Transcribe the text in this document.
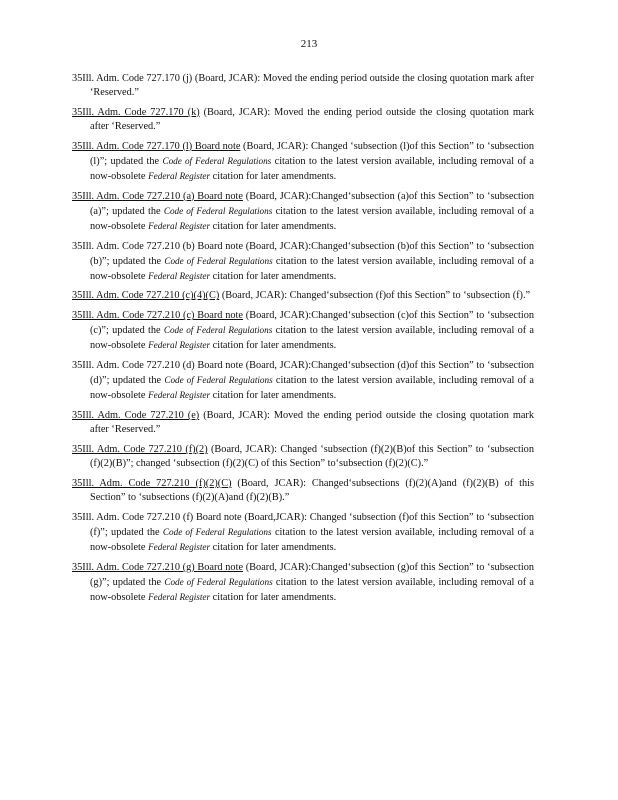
213
35Ill. Adm. Code 727.170 (j) (Board, JCAR): Moved the ending period outside the closing quotation mark after ‘Reserved.”
35Ill. Adm. Code 727.170 (k) (Board, JCAR): Moved the ending period outside the closing quotation mark after ‘Reserved.”
35Ill. Adm. Code 727.170 (l) Board note (Board, JCAR): Changed ‘subsection (l)of this Section” to ‘subsection (l)”; updated the Code of Federal Regulations citation to the latest version available, including removal of a now-obsolete Federal Register citation for later amendments.
35Ill. Adm. Code 727.210 (a) Board note (Board, JCAR):Changed‘subsection (a)of this Section” to ‘subsection (a)”; updated the Code of Federal Regulations citation to the latest version available, including removal of a now-obsolete Federal Register citation for later amendments.
35Ill. Adm. Code 727.210 (b) Board note (Board, JCAR):Changed‘subsection (b)of this Section” to ‘subsection (b)”; updated the Code of Federal Regulations citation to the latest version available, including removal of a now-obsolete Federal Register citation for later amendments.
35Ill. Adm. Code 727.210 (c)(4)(C) (Board, JCAR): Changed‘subsection (f)of this Section” to ‘subsection (f).”
35Ill. Adm. Code 727.210 (c) Board note (Board, JCAR):Changed‘subsection (c)of this Section” to ‘subsection (c)”; updated the Code of Federal Regulations citation to the latest version available, including removal of a now-obsolete Federal Register citation for later amendments.
35Ill. Adm. Code 727.210 (d) Board note (Board, JCAR):Changed‘subsection (d)of this Section” to ‘subsection (d)”; updated the Code of Federal Regulations citation to the latest version available, including removal of a now-obsolete Federal Register citation for later amendments.
35Ill. Adm. Code 727.210 (e) (Board, JCAR): Moved the ending period outside the closing quotation mark after ‘Reserved.”
35Ill. Adm. Code 727.210 (f)(2) (Board, JCAR): Changed ‘subsection (f)(2)(B)of this Section” to ‘subsection (f)(2)(B)”; changed ‘subsection (f)(2)(C) of this Section” to‘subsection (f)(2)(C).”
35Ill. Adm. Code 727.210 (f)(2)(C) (Board, JCAR): Changed‘subsections (f)(2)(A)and (f)(2)(B) of this Section” to ‘subsections (f)(2)(A)and (f)(2)(B).”
35Ill. Adm. Code 727.210 (f) Board note (Board,JCAR): Changed ‘subsection (f)of this Section” to ‘subsection (f)”; updated the Code of Federal Regulations citation to the latest version available, including removal of a now-obsolete Federal Register citation for later amendments.
35Ill. Adm. Code 727.210 (g) Board note (Board, JCAR):Changed‘subsection (g)of this Section” to ‘subsection (g)”; updated the Code of Federal Regulations citation to the latest version available, including removal of a now-obsolete Federal Register citation for later amendments.
